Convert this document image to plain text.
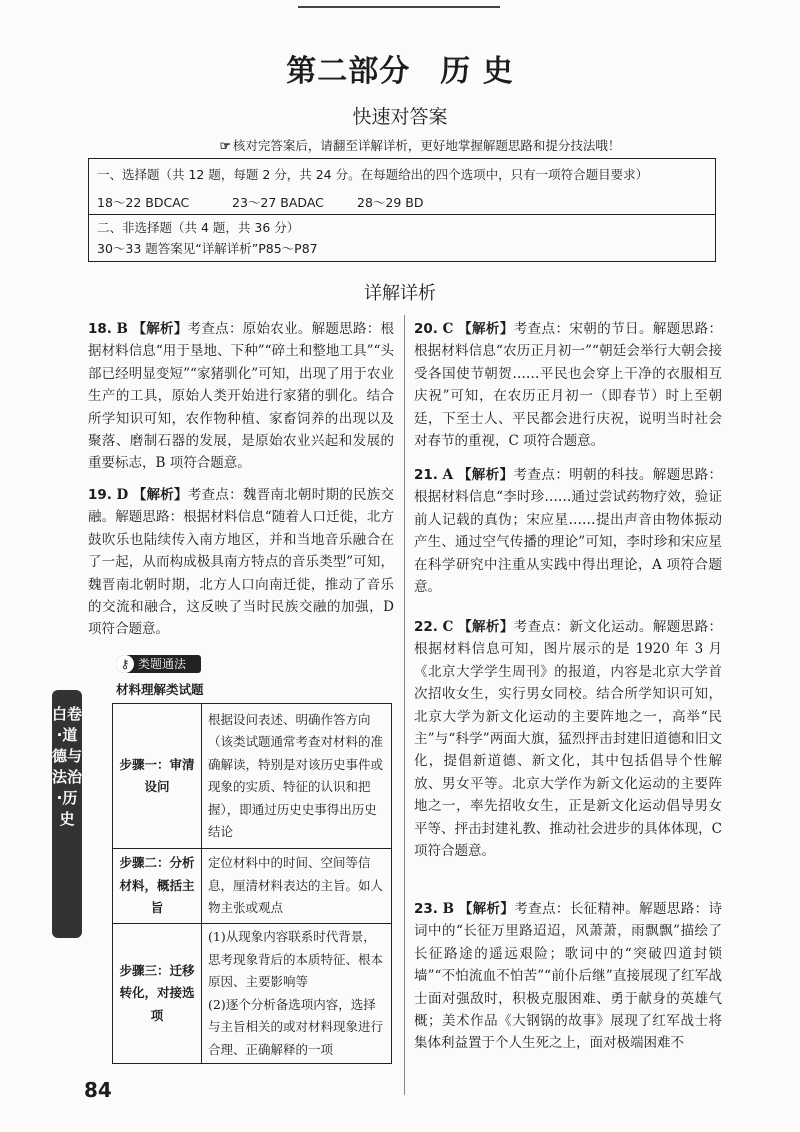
第二部分 历 史
快速对答案
☞ 核对完答案后，请翻至详解详析，更好地掌握解题思路和提分技法哦！
一、选择题（共 12 题，每题 2 分，共 24 分。在每题给出的四个选项中，只有一项符合题目要求）
18～22 BDCAC	23～27 BADAC	28～29 BD
二、非选择题（共 4 题，共 36 分）
30～33 题答案见“详解详析”P85～P87
详解详析
18. B 【解析】考查点：原始农业。解题思路：根据材料信息“用于垦地、下种”“碎土和整地工具”“头部已经明显变短”“家猪驯化”可知，出现了用于农业生产的工具，原始人类开始进行家猪的驯化。结合所学知识可知，农作物种植、家畜饲养的出现以及聚落、磨制石器的发展，是原始农业兴起和发展的重要标志，B 项符合题意。
19. D 【解析】考查点：魏晋南北朝时期的民族交融。解题思路：根据材料信息“随着人口迁徙，北方鼓吹乐也陆续传入南方地区，并和当地音乐融合在了一起，从而构成极具南方特点的音乐类型”可知，魏晋南北朝时期，北方人口向南迁徙，推动了音乐的交流和融合，这反映了当时民族交融的加强，D 项符合题意。
⚷ 类题通法
材料理解类试题
白卷·道德与法治·历史
步骤一：审清设问	根据设问表述、明确作答方向（该类试题通常考查对材料的准确解读，特别是对该历史事件或现象的实质、特征的认识和把握），即通过历史史事得出历史结论
步骤二：分析材料，概括主旨	定位材料中的时间、空间等信息，厘清材料表达的主旨。如人物主张或观点
步骤三：迁移转化，对接选项	(1)从现象内容联系时代背景，思考现象背后的本质特征、根本原因、主要影响等
(2)逐个分析备选项内容，选择与主旨相关的或对材料现象进行合理、正确解释的一项
20. C 【解析】考查点：宋朝的节日。解题思路：根据材料信息“农历正月初一”“朝廷会举行大朝会接受各国使节朝贺……平民也会穿上干净的衣服相互庆祝”可知，在农历正月初一（即春节）时上至朝廷，下至士人、平民都会进行庆祝，说明当时社会对春节的重视，C 项符合题意。
21. A 【解析】考查点：明朝的科技。解题思路：根据材料信息“李时珍……通过尝试药物疗效，验证前人记载的真伪；宋应星……提出声音由物体振动产生、通过空气传播的理论”可知，李时珍和宋应星在科学研究中注重从实践中得出理论，A 项符合题意。
22. C 【解析】考查点：新文化运动。解题思路：根据材料信息可知，图片展示的是 1920 年 3 月《北京大学学生周刊》的报道，内容是北京大学首次招收女生，实行男女同校。结合所学知识可知，北京大学为新文化运动的主要阵地之一，高举“民主”与“科学”两面大旗，猛烈抨击封建旧道德和旧文化，提倡新道德、新文化，其中包括倡导个性解放、男女平等。北京大学作为新文化运动的主要阵地之一，率先招收女生，正是新文化运动倡导男女平等、抨击封建礼教、推动社会进步的具体体现，C 项符合题意。
23. B 【解析】考查点：长征精神。解题思路：诗词中的“长征万里路迢迢，风萧萧，雨飘飘”描绘了长征路途的遥远艰险；歌词中的“突破四道封锁墙”“不怕流血不怕苦”“前仆后继”直接展现了红军战士面对强敌时，积极克服困难、勇于献身的英雄气概；美术作品《大钢锅的故事》展现了红军战士将集体利益置于个人生死之上，面对极端困难不
84
